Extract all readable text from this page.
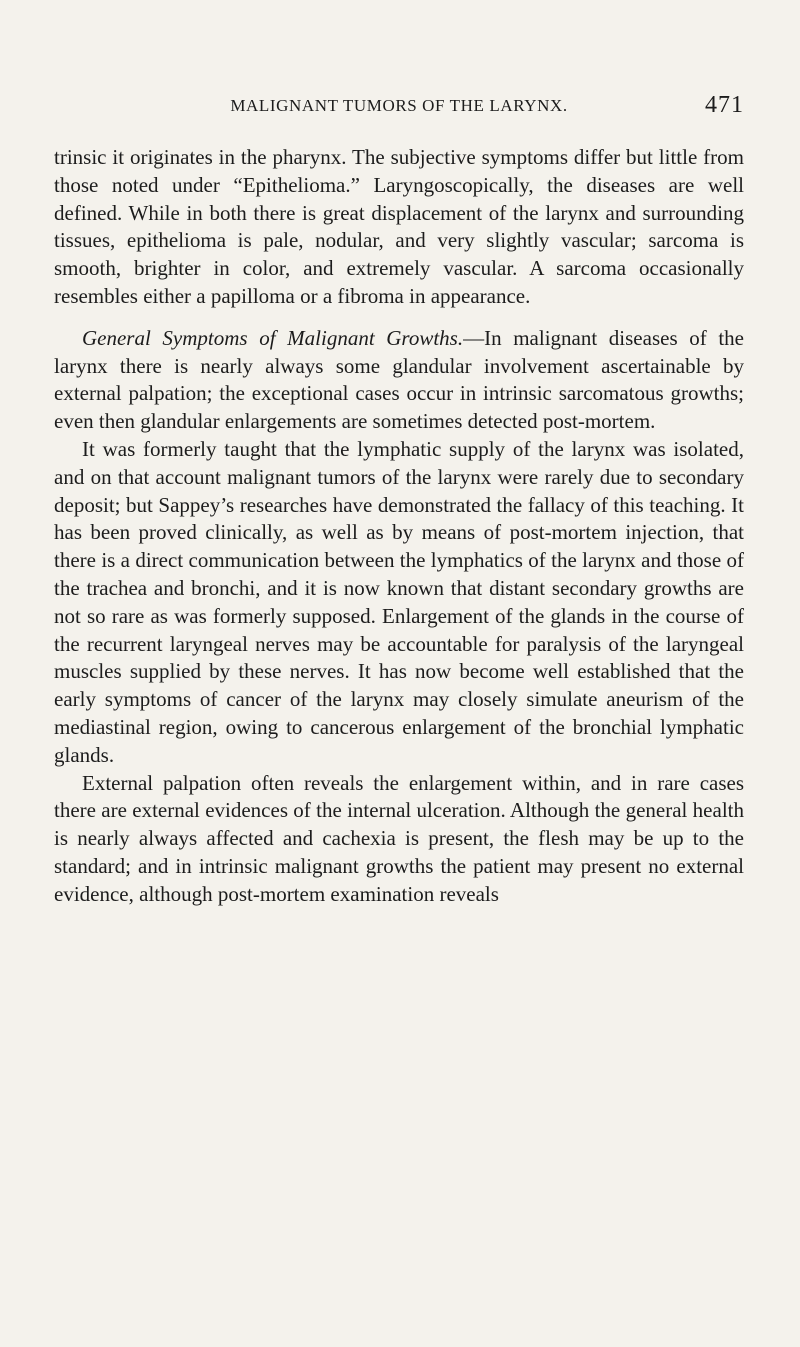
MALIGNANT TUMORS OF THE LARYNX.	471

trinsic it originates in the pharynx. The subjective symptoms differ but little from those noted under “Epithelioma.” Laryngoscopically, the diseases are well defined. While in both there is great displacement of the larynx and surrounding tissues, epithelioma is pale, nodular, and very slightly vascular; sarcoma is smooth, brighter in color, and extremely vascular. A sarcoma occasionally resembles either a papilloma or a fibroma in appearance.

General Symptoms of Malignant Growths.—In malignant diseases of the larynx there is nearly always some glandular involvement ascertainable by external palpation; the exceptional cases occur in intrinsic sarcomatous growths; even then glandular enlargements are sometimes detected post-mortem.

It was formerly taught that the lymphatic supply of the larynx was isolated, and on that account malignant tumors of the larynx were rarely due to secondary deposit; but Sappey’s researches have demonstrated the fallacy of this teaching. It has been proved clinically, as well as by means of post-mortem injection, that there is a direct communication between the lymphatics of the larynx and those of the trachea and bronchi, and it is now known that distant secondary growths are not so rare as was formerly supposed. Enlargement of the glands in the course of the recurrent laryngeal nerves may be accountable for paralysis of the laryngeal muscles supplied by these nerves. It has now become well established that the early symptoms of cancer of the larynx may closely simulate aneurism of the mediastinal region, owing to cancerous enlargement of the bronchial lymphatic glands.

External palpation often reveals the enlargement within, and in rare cases there are external evidences of the internal ulceration. Although the general health is nearly always affected and cachexia is present, the flesh may be up to the standard; and in intrinsic malignant growths the patient may present no external evidence, although post-mortem examination reveals
